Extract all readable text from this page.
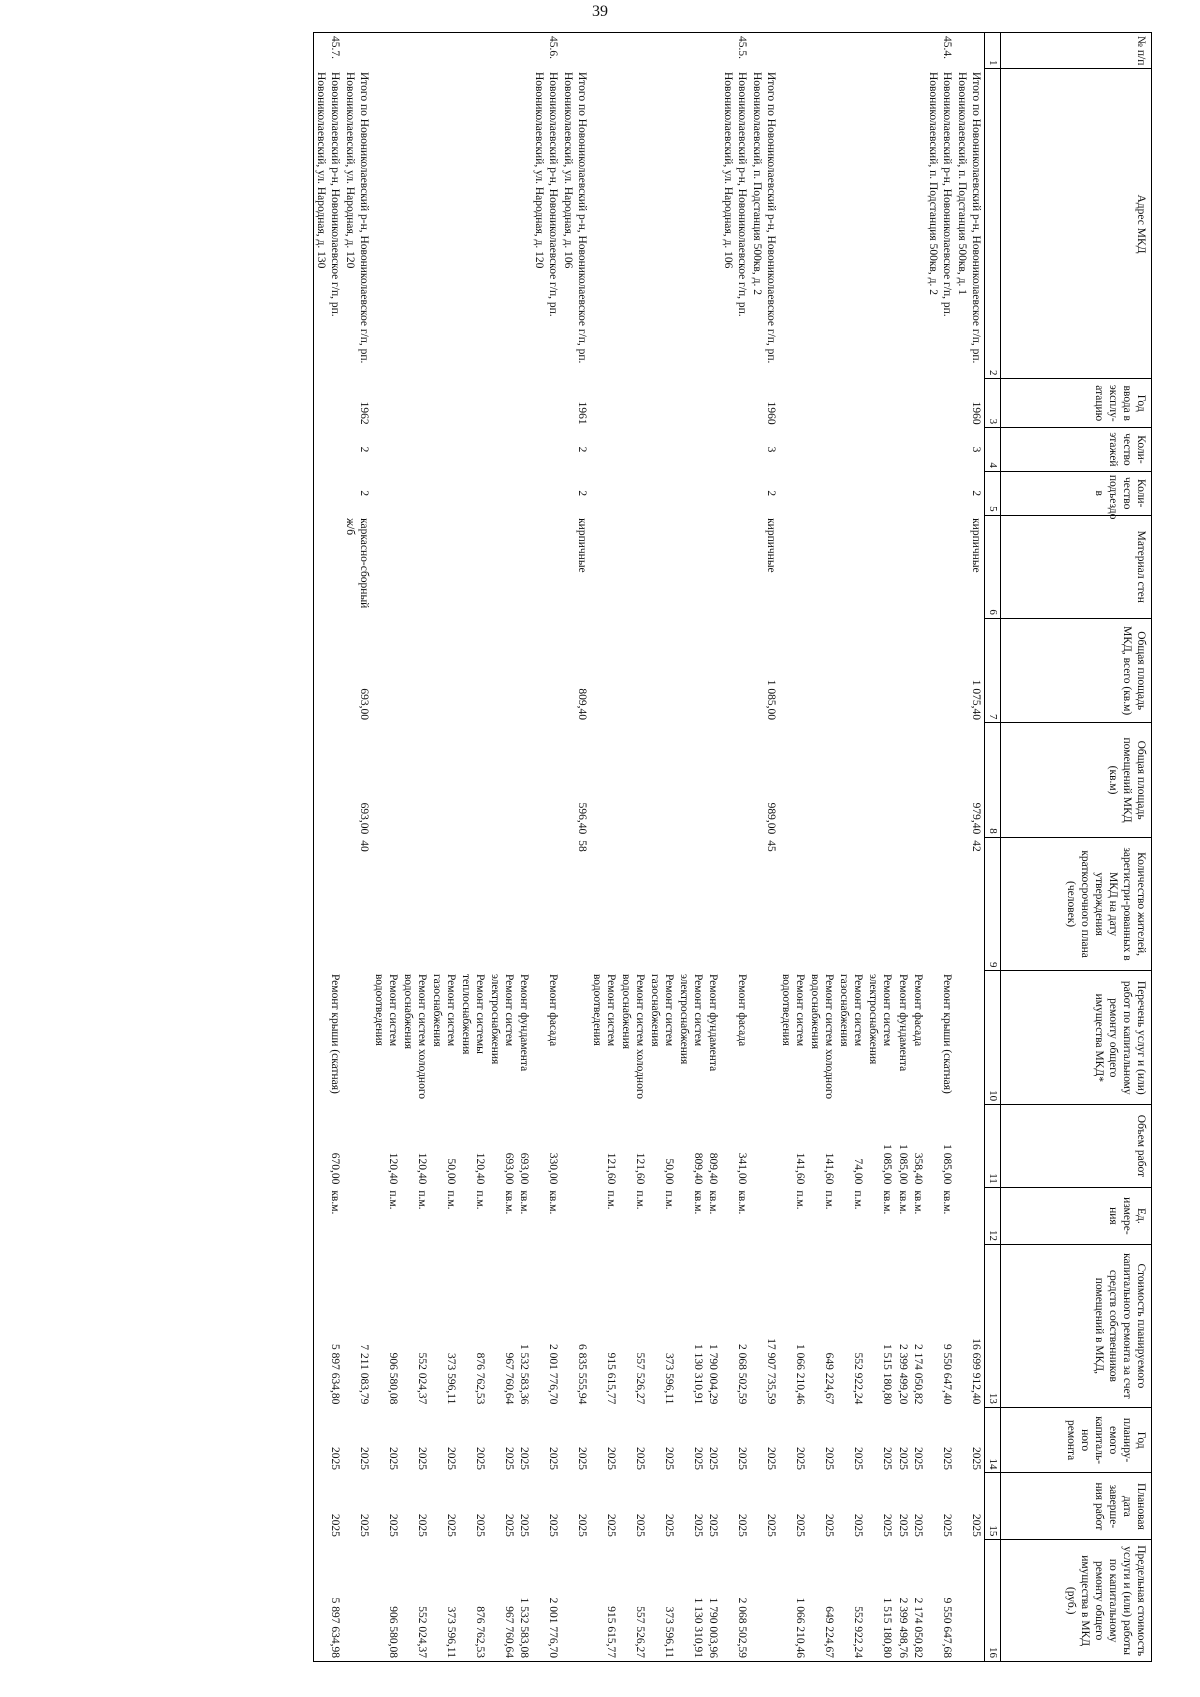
39
№ п/п	Адрес МКД	Год ввода в эксплу-атацию	Коли-чество этажей	Коли-чество подъездо в	Материал стен	Общая площадь МКД, всего (кв.м)	Общая площадь помещений МКД (кв.м)	Количество жителей, зарегистри-рованных в МКД на дату утверждения краткосрочного плана (человек)	Перечень услуг и (или) работ по капитальному ремонту общего имущества МКД*	Объем работ	Ед. измере-ния	Стоимость планируемого капитального ремонта за счет средств собственников помещений в МКД,	Год планиру-емого капиталь-ного ремонта	Плановая дата заверше-ния работ	Предельная стоимость услуги и (или) работы по капитальному ремонту общего имущества в МКД (руб.)
1	2	3	4	5	6	7	8	9	10	11	12	13	14	15	16
	Итого по Новониколаевский р-н, Новониколаевское г/п, рп. Новониколаевский, п. Подстанция 500кв, д. 1	1960	3	2	кирпичные	1 075,40	979,40	42				16 699 912,40	2025	2025	
45.4.	Новониколаевский р-н, Новониколаевское г/п, рп. Новониколаевский, п. Подстанция 500кв, д. 2								Ремонт крыши (скатная)	1 085,00	кв.м.	9 550 647,40	2025	2025	9 550 647,68
									Ремонт фасада	358,40	кв.м.	2 174 050,82	2025	2025	2 174 050,82
									Ремонт фундамента	1 085,00	кв.м.	2 399 499,20	2025	2025	2 399 498,76
									Ремонт систем электроснабжения	1 085,00	кв.м.	1 515 180,80	2025	2025	1 515 180,80
									Ремонт систем газоснабжения	74,00	п.м.	552 922,24	2025	2025	552 922,24
									Ремонт систем холодного водоснабжения	141,60	п.м.	649 224,67	2025	2025	649 224,67
									Ремонт систем водоотведения	141,60	п.м.	1 066 210,46	2025	2025	1 066 210,46
	Итого по Новониколаевский р-н, Новониколаевское г/п, рп. Новониколаевский, п. Подстанция 500кв, д. 2	1960	3	2	кирпичные	1 085,00	989,00	45				17 907 735,59	2025	2025	
45.5.	Новониколаевский р-н, Новониколаевское г/п, рп. Новониколаевский, ул. Народная, д. 106								Ремонт фасада	341,00	кв.м.	2 068 502,59	2025	2025	2 068 502,59
									Ремонт фундамента	809,40	кв.м.	1 790 004,29	2025	2025	1 790 003,96
									Ремонт систем электроснабжения	809,40	кв.м.	1 130 310,91	2025	2025	1 130 310,91
									Ремонт систем газоснабжения	50,00	п.м.	373 596,11	2025	2025	373 596,11
									Ремонт систем холодного водоснабжения	121,60	п.м.	557 526,27	2025	2025	557 526,27
									Ремонт систем водоотведения	121,60	п.м.	915 615,77	2025	2025	915 615,77
	Итого по Новониколаевский р-н, Новониколаевское г/п, рп. Новониколаевский, ул. Народная, д. 106	1961	2	2	кирпичные	809,40	596,40	58				6 835 555,94	2025	2025	
45.6.	Новониколаевский р-н, Новониколаевское г/п, рп. Новониколаевский, ул. Народная, д. 120								Ремонт фасада	330,00	кв.м.	2 001 776,70	2025	2025	2 001 776,70
									Ремонт фундамента	693,00	кв.м.	1 532 583,36	2025	2025	1 532 583,08
									Ремонт систем электроснабжения	693,00	кв.м.	967 760,64	2025	2025	967 760,64
									Ремонт системы теплоснабжения	120,40	п.м.	876 762,53	2025	2025	876 762,53
									Ремонт систем газоснабжения	50,00	п.м.	373 596,11	2025	2025	373 596,11
									Ремонт систем холодного водоснабжения	120,40	п.м.	552 024,37	2025	2025	552 024,37
									Ремонт систем водоотведения	120,40	п.м.	906 580,08	2025	2025	906 580,08
	Итого по Новониколаевский р-н, Новониколаевское г/п, рп. Новониколаевский, ул. Народная, д. 120	1962	2	2	каркасно-сборный ж/б	693,00	693,00	40				7 211 083,79	2025	2025	
45.7.	Новониколаевский р-н, Новониколаевское г/п, рп. Новониколаевский, ул. Народная, д. 130								Ремонт крыши (скатная)	670,00	кв.м.	5 897 634,80	2025	2025	5 897 634,98
